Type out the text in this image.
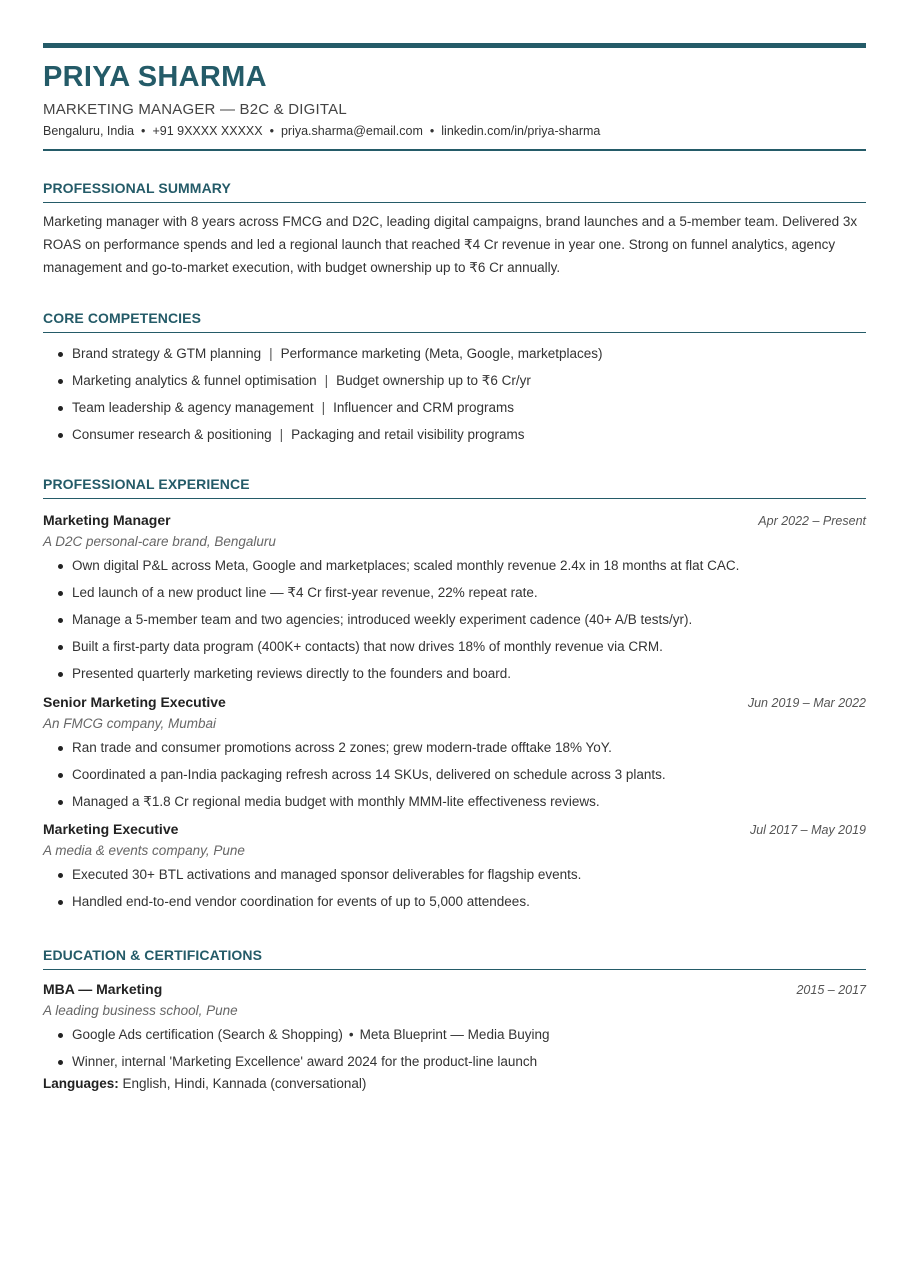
PRIYA SHARMA
MARKETING MANAGER — B2C & DIGITAL
Bengaluru, India • +91 9XXXX XXXXX • priya.sharma@email.com • linkedin.com/in/priya-sharma
PROFESSIONAL SUMMARY
Marketing manager with 8 years across FMCG and D2C, leading digital campaigns, brand launches and a 5-member team. Delivered 3x ROAS on performance spends and led a regional launch that reached ₹4 Cr revenue in year one. Strong on funnel analytics, agency management and go-to-market execution, with budget ownership up to ₹6 Cr annually.
CORE COMPETENCIES
Brand strategy & GTM planning | Performance marketing (Meta, Google, marketplaces)
Marketing analytics & funnel optimisation | Budget ownership up to ₹6 Cr/yr
Team leadership & agency management | Influencer and CRM programs
Consumer research & positioning | Packaging and retail visibility programs
PROFESSIONAL EXPERIENCE
Marketing Manager	Apr 2022 – Present
A D2C personal-care brand, Bengaluru
Own digital P&L across Meta, Google and marketplaces; scaled monthly revenue 2.4x in 18 months at flat CAC.
Led launch of a new product line — ₹4 Cr first-year revenue, 22% repeat rate.
Manage a 5-member team and two agencies; introduced weekly experiment cadence (40+ A/B tests/yr).
Built a first-party data program (400K+ contacts) that now drives 18% of monthly revenue via CRM.
Presented quarterly marketing reviews directly to the founders and board.
Senior Marketing Executive	Jun 2019 – Mar 2022
An FMCG company, Mumbai
Ran trade and consumer promotions across 2 zones; grew modern-trade offtake 18% YoY.
Coordinated a pan-India packaging refresh across 14 SKUs, delivered on schedule across 3 plants.
Managed a ₹1.8 Cr regional media budget with monthly MMM-lite effectiveness reviews.
Marketing Executive	Jul 2017 – May 2019
A media & events company, Pune
Executed 30+ BTL activations and managed sponsor deliverables for flagship events.
Handled end-to-end vendor coordination for events of up to 5,000 attendees.
EDUCATION & CERTIFICATIONS
MBA — Marketing	2015 – 2017
A leading business school, Pune
Google Ads certification (Search & Shopping) • Meta Blueprint — Media Buying
Winner, internal 'Marketing Excellence' award 2024 for the product-line launch
Languages: English, Hindi, Kannada (conversational)
